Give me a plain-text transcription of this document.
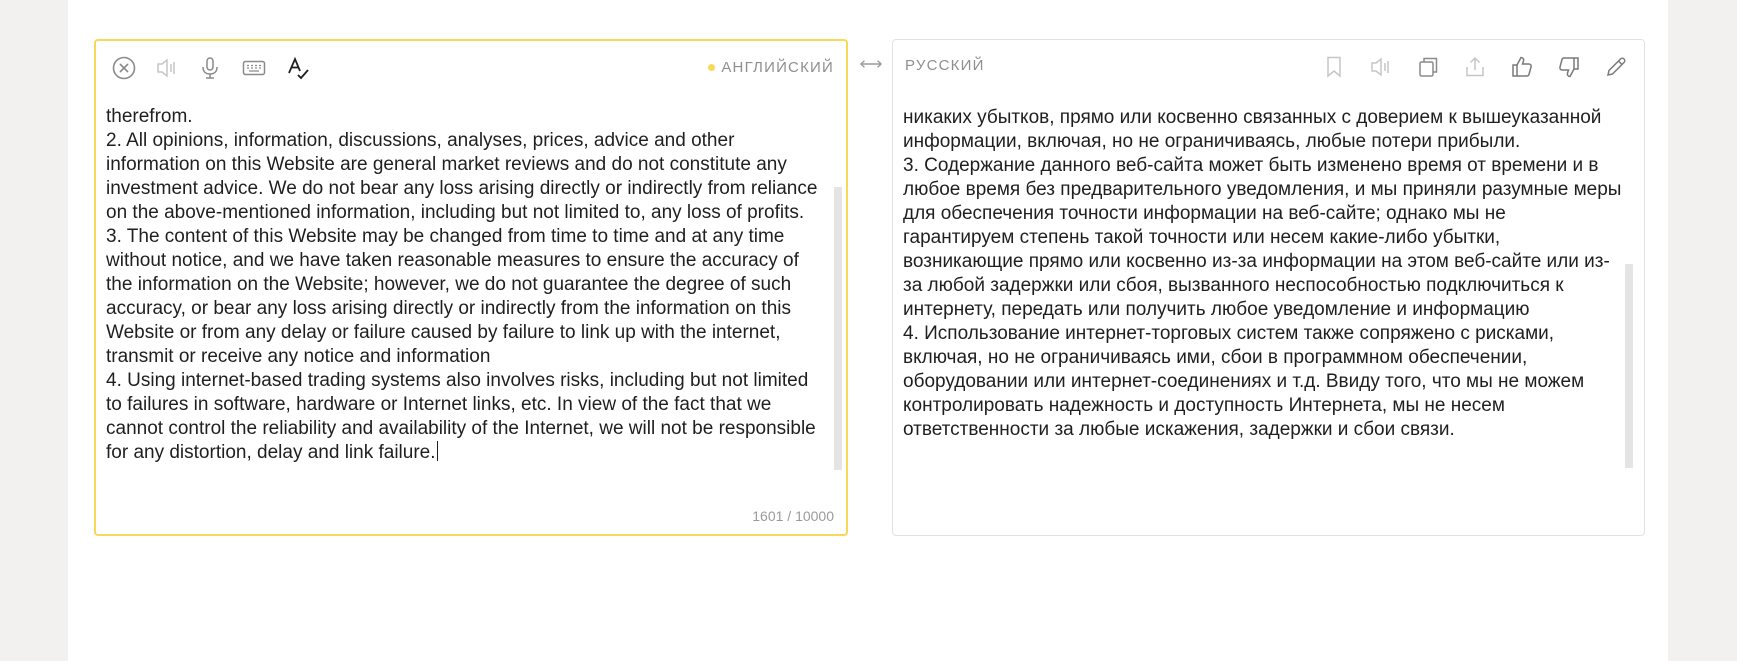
АНГЛИЙСКИЙ
therefrom.
2. All opinions, information, discussions, analyses, prices, advice and other information on this Website are general market reviews and do not constitute any investment advice. We do not bear any loss arising directly or indirectly from reliance on the above-mentioned information, including but not limited to, any loss of profits.
3. The content of this Website may be changed from time to time and at any time without notice, and we have taken reasonable measures to ensure the accuracy of the information on the Website; however, we do not guarantee the degree of such accuracy, or bear any loss arising directly or indirectly from the information on this Website or from any delay or failure caused by failure to link up with the internet, transmit or receive any notice and information
4. Using internet-based trading systems also involves risks, including but not limited to failures in software, hardware or Internet links, etc. In view of the fact that we cannot control the reliability and availability of the Internet, we will not be responsible for any distortion, delay and link failure.
1601 / 10000
РУССКИЙ
никаких убытков, прямо или косвенно связанных с доверием к вышеуказанной информации, включая, но не ограничиваясь, любые потери прибыли.
3. Содержание данного веб-сайта может быть изменено время от времени и в любое время без предварительного уведомления, и мы приняли разумные меры для обеспечения точности информации на веб-сайте; однако мы не гарантируем степень такой точности или несем какие-либо убытки, возникающие прямо или косвенно из-за информации на этом веб-сайте или из-за любой задержки или сбоя, вызванного неспособностью подключиться к интернету, передать или получить любое уведомление и информацию
4. Использование интернет-торговых систем также сопряжено с рисками, включая, но не ограничиваясь ими, сбои в программном обеспечении, оборудовании или интернет-соединениях и т.д. Ввиду того, что мы не можем контролировать надежность и доступность Интернета, мы не несем ответственности за любые искажения, задержки и сбои связи.
